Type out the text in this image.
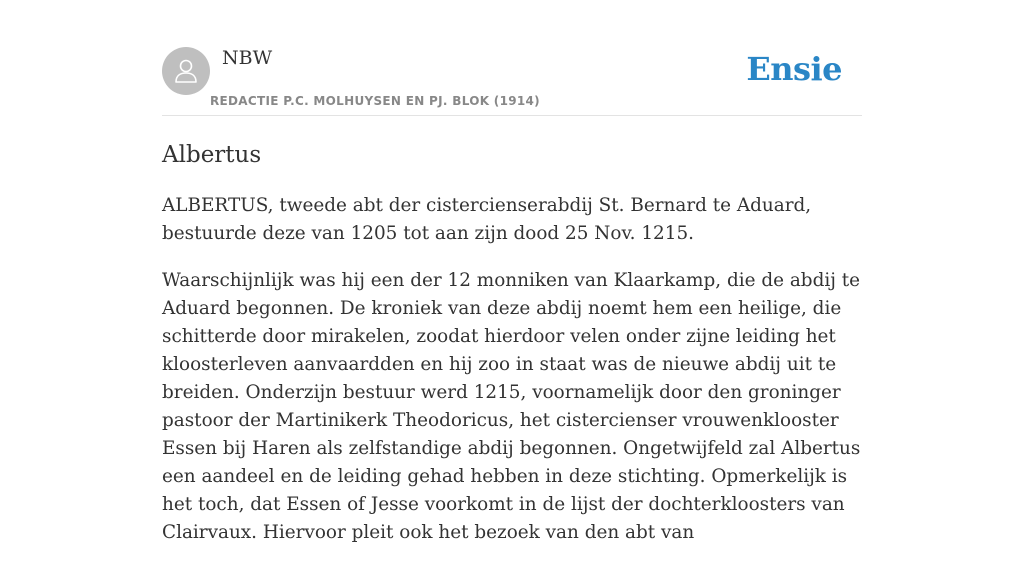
NBW
REDACTIE P.C. MOLHUYSEN EN PJ. BLOK (1914)
Ensie
Albertus

ALBERTUS, tweede abt der cistercienserabdij St. Bernard te Aduard, bestuurde deze van 1205 tot aan zijn dood 25 Nov. 1215.

Waarschijnlijk was hij een der 12 monniken van Klaarkamp, die de abdij te Aduard begonnen. De kroniek van deze abdij noemt hem een heilige, die schitterde door mirakelen, zoodat hierdoor velen onder zijne leiding het kloosterleven aanvaardden en hij zoo in staat was de nieuwe abdij uit te breiden. Onderzijn bestuur werd 1215, voornamelijk door den groninger pastoor der Martinikerk Theodoricus, het cistercienser vrouwenklooster Essen bij Haren als zelfstandige abdij begonnen. Ongetwijfeld zal Albertus een aandeel en de leiding gehad hebben in deze stichting. Opmerkelijk is het toch, dat Essen of Jesse voorkomt in de lijst der dochterkloosters van Clairvaux. Hiervoor pleit ook het bezoek van den abt van
